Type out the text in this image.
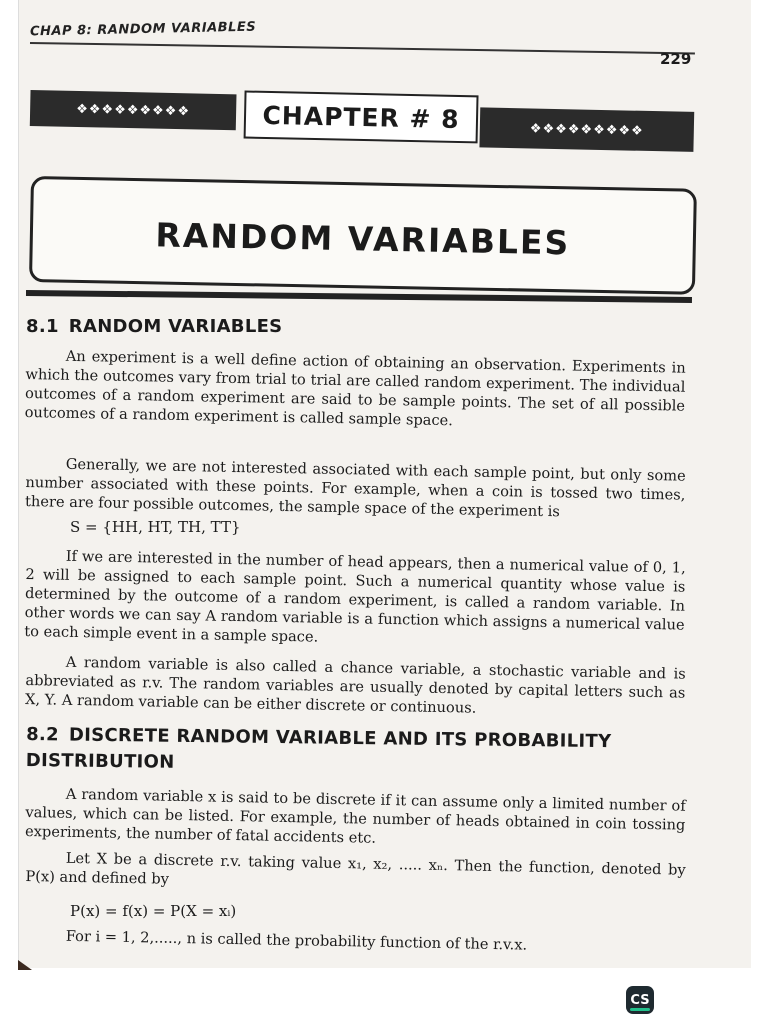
CHAP 8: RANDOM VARIABLES
229
❖❖❖❖❖❖❖❖❖	CHAPTER # 8	❖❖❖❖❖❖❖❖❖
RANDOM VARIABLES
8.1 RANDOM VARIABLES
An experiment is a well define action of obtaining an observation. Experiments in which the outcomes vary from trial to trial are called random experiment. The individual outcomes of a random experiment are said to be sample points. The set of all possible outcomes of a random experiment is called sample space.
Generally, we are not interested associated with each sample point, but only some number associated with these points. For example, when a coin is tossed two times, there are four possible outcomes, the sample space of the experiment is
S = {HH, HT, TH, TT}
If we are interested in the number of head appears, then a numerical value of 0, 1, 2 will be assigned to each sample point. Such a numerical quantity whose value is determined by the outcome of a random experiment, is called a random variable. In other words we can say A random variable is a function which assigns a numerical value to each simple event in a sample space.
A random variable is also called a chance variable, a stochastic variable and is abbreviated as r.v. The random variables are usually denoted by capital letters such as X, Y. A random variable can be either discrete or continuous.
8.2 DISCRETE RANDOM VARIABLE AND ITS PROBABILITY DISTRIBUTION
A random variable x is said to be discrete if it can assume only a limited number of values, which can be listed. For example, the number of heads obtained in coin tossing experiments, the number of fatal accidents etc.
Let X be a discrete r.v. taking value x₁, x₂, ..... xₙ. Then the function, denoted by P(x) and defined by
P(x) = f(x) = P(X = xᵢ)
For i = 1, 2,....., n is called the probability function of the r.v.x.
CS
